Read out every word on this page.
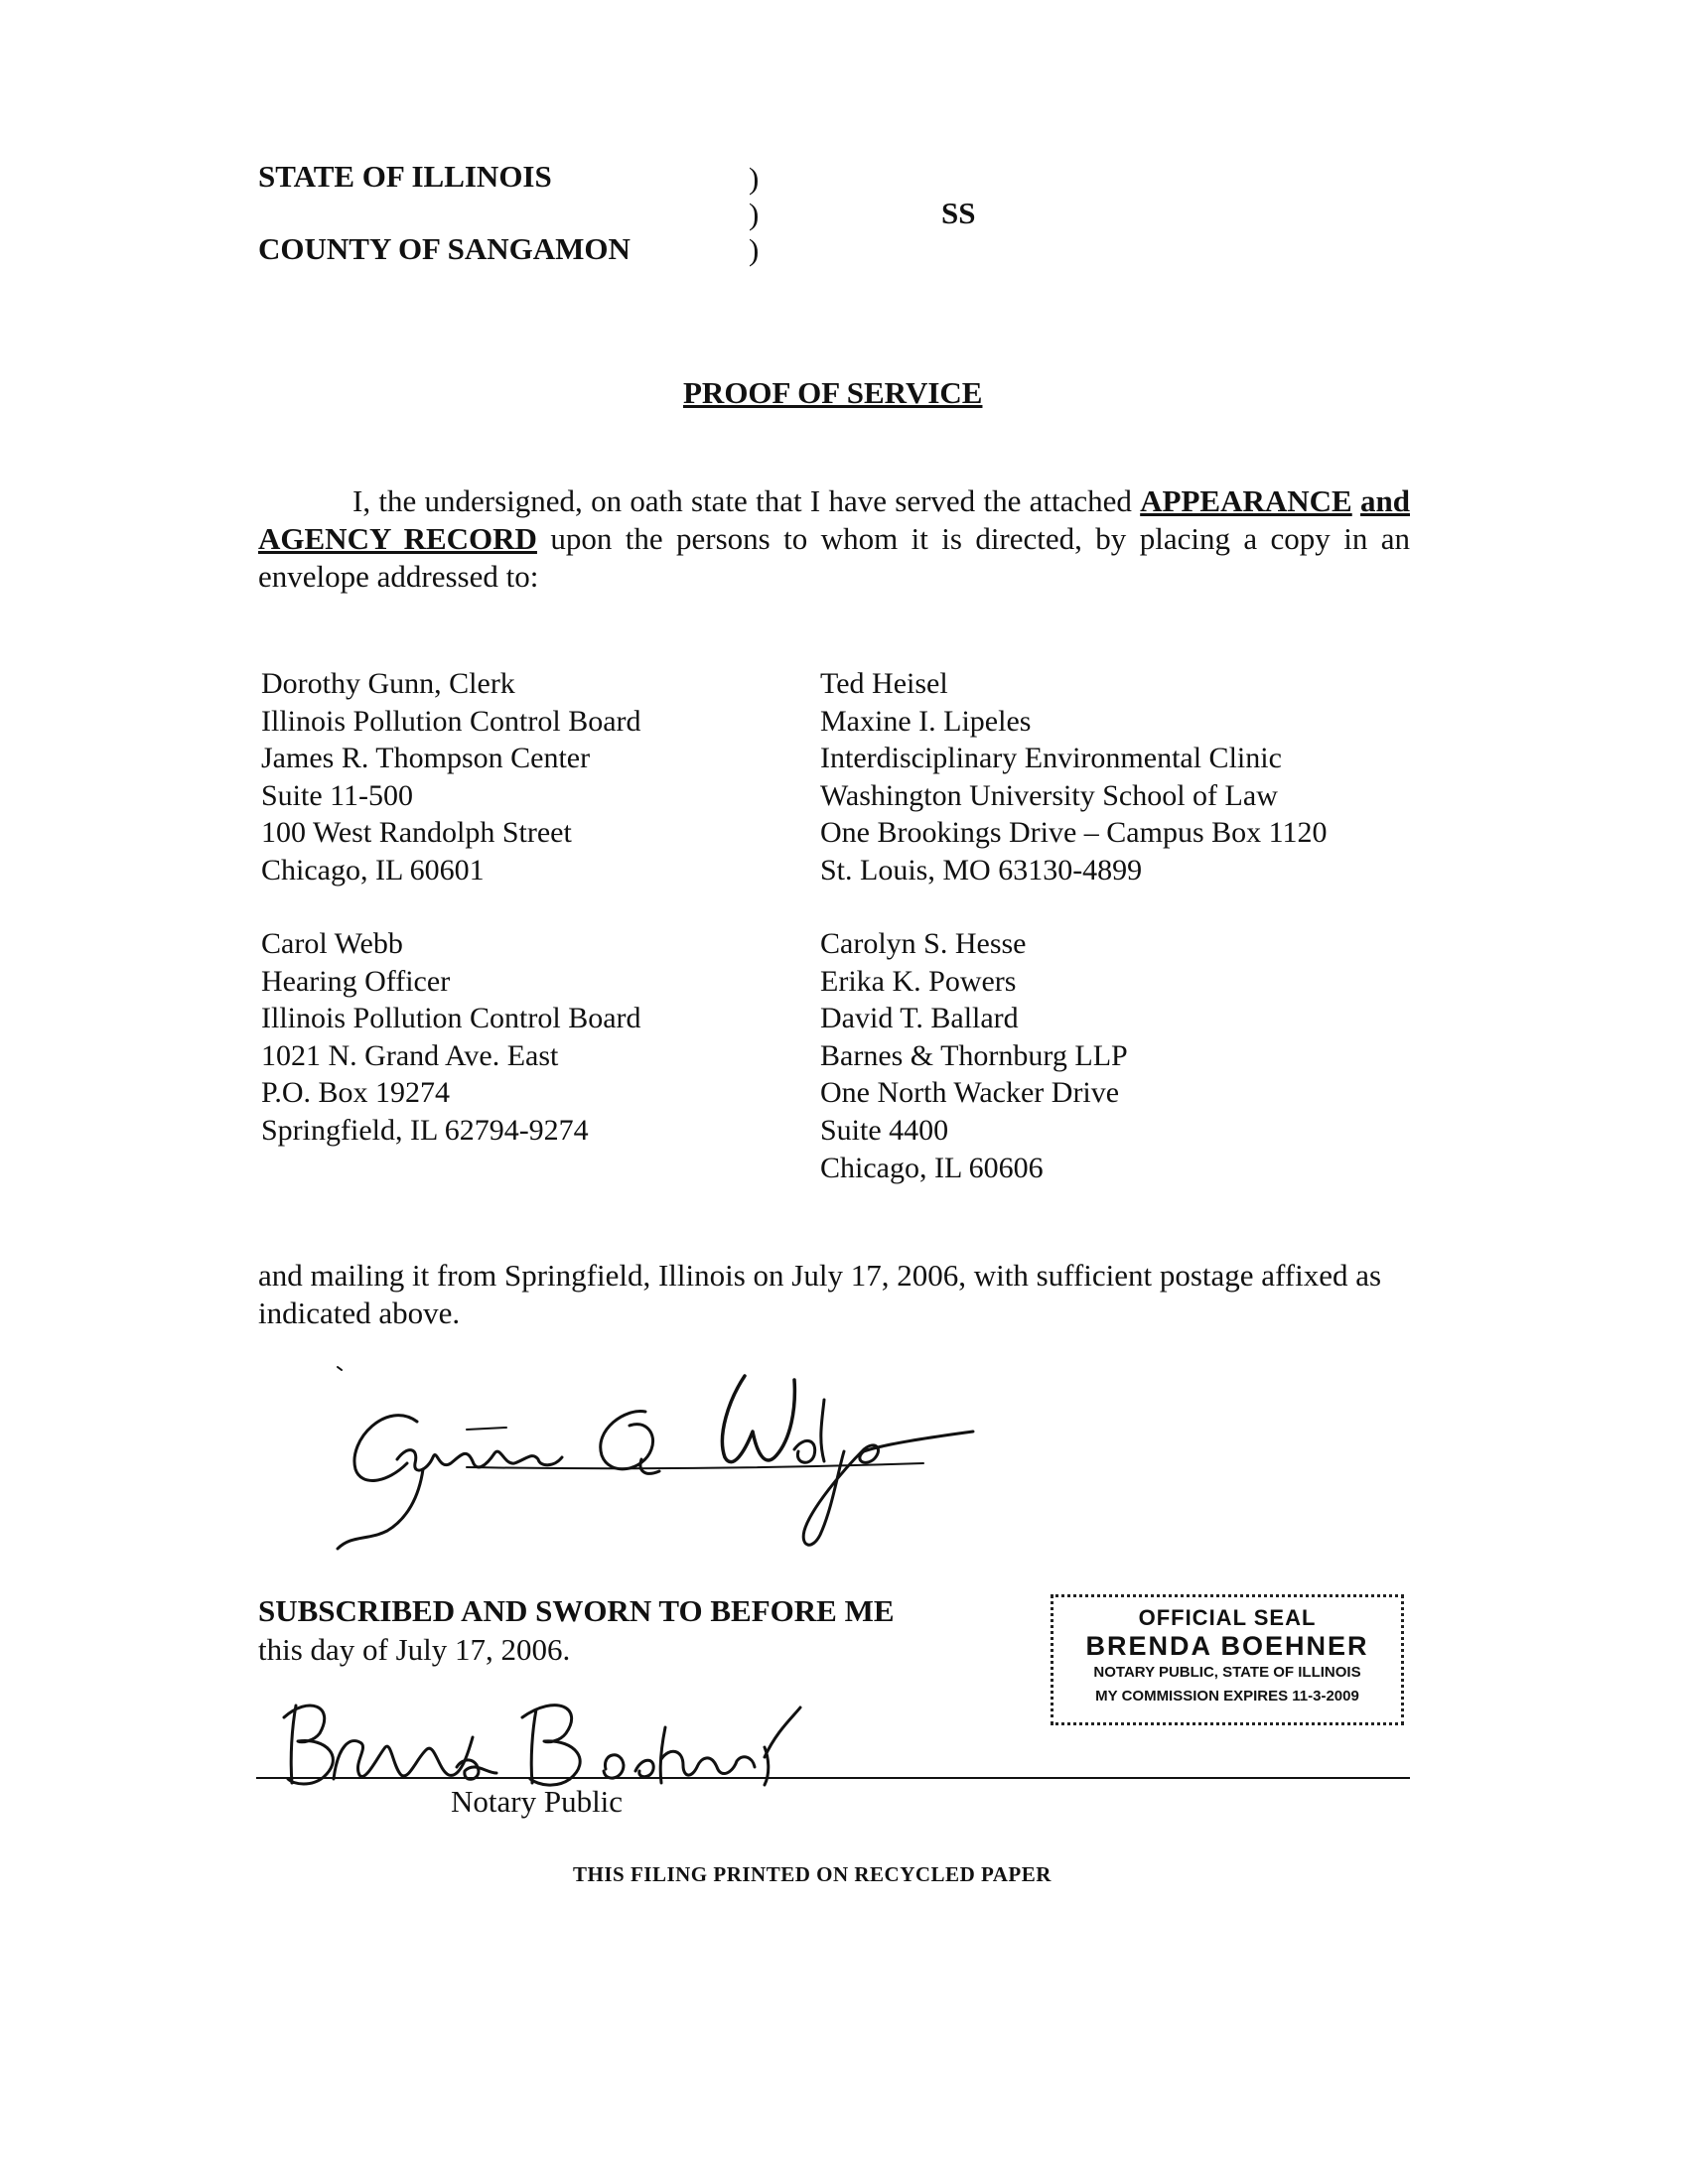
STATE OF ILLINOIS
COUNTY OF SANGAMON
)
)
)
SS
PROOF OF SERVICE
I, the undersigned, on oath state that I have served the attached APPEARANCE and AGENCY RECORD upon the persons to whom it is directed, by placing a copy in an envelope addressed to:
Dorothy Gunn, Clerk
Illinois Pollution Control Board
James R. Thompson Center
Suite 11-500
100 West Randolph Street
Chicago, IL 60601
Ted Heisel
Maxine I. Lipeles
Interdisciplinary Environmental Clinic
Washington University School of Law
One Brookings Drive – Campus Box 1120
St. Louis, MO 63130-4899
Carol Webb
Hearing Officer
Illinois Pollution Control Board
1021 N. Grand Ave. East
P.O. Box 19274
Springfield, IL 62794-9274
Carolyn S. Hesse
Erika K. Powers
David T. Ballard
Barnes & Thornburg LLP
One North Wacker Drive
Suite 4400
Chicago, IL 60606
and mailing it from Springfield, Illinois on July 17, 2006, with sufficient postage affixed as indicated above.
SUBSCRIBED AND SWORN TO BEFORE ME
this day of July 17, 2006.
OFFICIAL SEAL
BRENDA BOEHNER
NOTARY PUBLIC, STATE OF ILLINOIS
MY COMMISSION EXPIRES 11-3-2009
Notary Public
THIS FILING PRINTED ON RECYCLED PAPER
